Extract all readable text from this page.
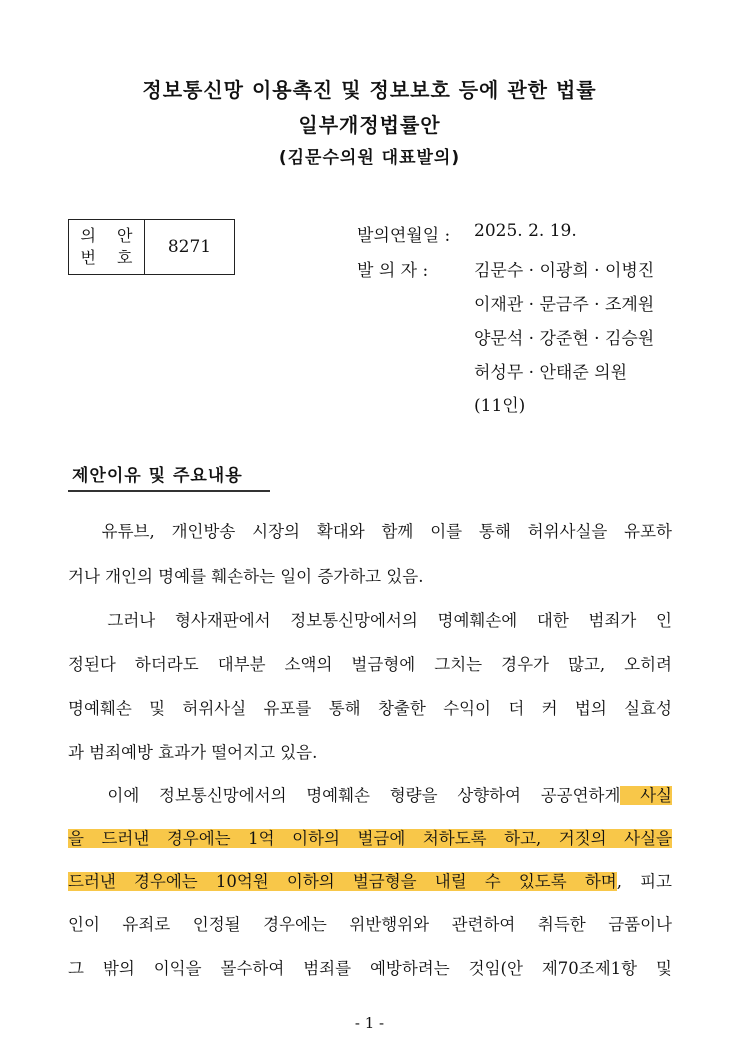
정보통신망 이용촉진 및 정보보호 등에 관한 법률
일부개정법률안
(김문수의원 대표발의)
의 안
번 호
8271
발의연월일 : 2025. 2. 19.
발 의 자 :	김문수 · 이광희 · 이병진
이재관 · 문금주 · 조계원
양문석 · 강준현 · 김승원
허성무 · 안태준 의원
(11인)
제안이유 및 주요내용
유튜브, 개인방송 시장의 확대와 함께 이를 통해 허위사실을 유포하
거나 개인의 명예를 훼손하는 일이 증가하고 있음.
그러나 형사재판에서 정보통신망에서의 명예훼손에 대한 범죄가 인
정된다 하더라도 대부분 소액의 벌금형에 그치는 경우가 많고, 오히려
명예훼손 및 허위사실 유포를 통해 창출한 수익이 더 커 법의 실효성
과 범죄예방 효과가 떨어지고 있음.
이에 정보통신망에서의 명예훼손 형량을 상향하여 공공연하게 사실
을 드러낸 경우에는 1억 이하의 벌금에 처하도록 하고, 거짓의 사실을
드러낸 경우에는 10억원 이하의 벌금형을 내릴 수 있도록 하며, 피고
인이 유죄로 인정될 경우에는 위반행위와 관련하여 취득한 금품이나
그 밖의 이익을 몰수하여 범죄를 예방하려는 것임(안 제70조제1항 및
- 1 -
